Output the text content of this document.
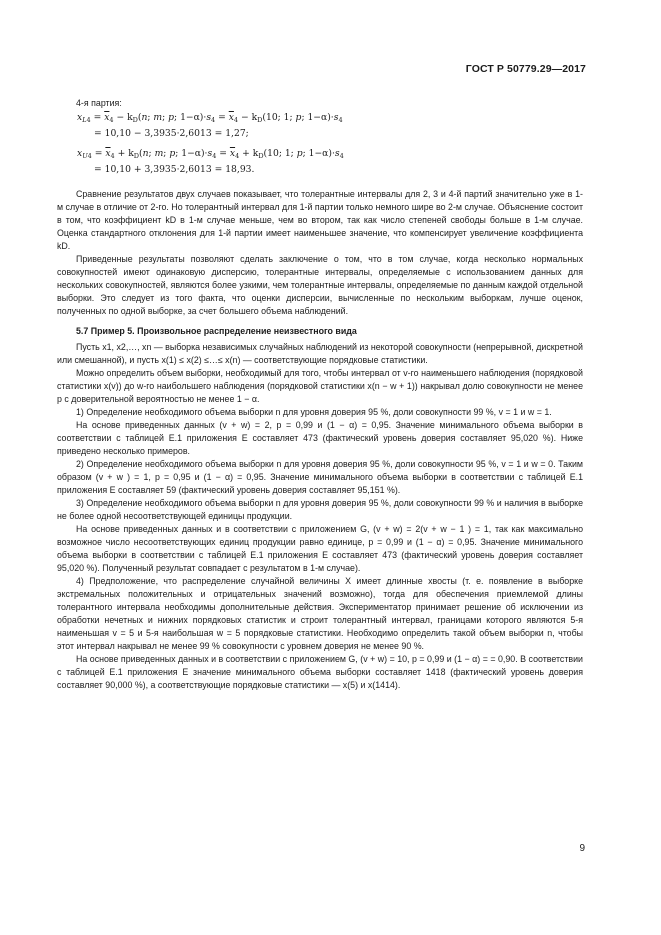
ГОСТ Р 50779.29—2017

4-я партия:

$x_{L4} = \overline{x}_4 - k_D(n$; m; p; $1-\alpha)\cdot s_4 = \overline{x}_4 - k_D(10$; 1; p; $1-\alpha)\cdot s_4$
= 10,10 − 3,3935·2,6013 = 1,27;
$x_{U4} = \overline{x}_4 + k_D(n$; m; p; $1-\alpha)\cdot s_4 = \overline{x}_4 + k_D(10$; 1; p; $1-\alpha)\cdot s_4$
= 10,10 + 3,3935·2,6013 = 18,93.

Сравнение результатов двух случаев показывает, что толерантные интервалы для 2, 3 и 4-й партий значительно уже в 1-м случае в отличие от 2-го. Но толерантный интервал для 1-й партии только немного шире во 2-м случае. Объяснение состоит в том, что коэффициент kD в 1-м случае меньше, чем во втором, так как число степеней свободы больше в 1-м случае. Оценка стандартного отклонения для 1-й партии имеет наименьшее значение, что компенсирует увеличение коэффициента kD.

Приведенные результаты позволяют сделать заключение о том, что в том случае, когда несколько нормальных совокупностей имеют одинаковую дисперсию, толерантные интервалы, определяемые с использованием данных для нескольких совокупностей, являются более узкими, чем толерантные интервалы, определяемые по данным каждой отдельной выборки. Это следует из того факта, что оценки дисперсии, вычисленные по нескольким выборкам, лучше оценок, полученных по одной выборке, за счет большего объема наблюдений.

5.7 Пример 5. Произвольное распределение неизвестного вида

Пусть x1, x2,…, xn — выборка независимых случайных наблюдений из некоторой совокупности (непрерывной, дискретной или смешанной), и пусть x(1) ≤ x(2) ≤…≤ x(n) — соответствующие порядковые статистики.

Можно определить объем выборки, необходимый для того, чтобы интервал от v-го наименьшего наблюдения (порядковой статистики x(v)) до w-го наибольшего наблюдения (порядковой статистики x(n − w + 1)) накрывал долю совокупности не менее p с доверительной вероятностью не менее 1 − α.

1) Определение необходимого объема выборки n для уровня доверия 95 %, доли совокупности 99 %, v = 1 и w = 1.

На основе приведенных данных (v + w) = 2, p = 0,99 и (1 − α) = 0,95. Значение минимального объема выборки в соответствии с таблицей Е.1 приложения Е составляет 473 (фактический уровень доверия составляет 95,020 %). Ниже приведено несколько примеров.

2) Определение необходимого объема выборки n для уровня доверия 95 %, доли совокупности 95 %, v = 1 и w = 0. Таким образом (v + w ) = 1, p = 0,95 и (1 − α) = 0,95. Значение минимального объема выборки в соответствии с таблицей Е.1 приложения Е составляет 59 (фактический уровень доверия составляет 95,151 %).

3) Определение необходимого объема выборки n для уровня доверия 95 %, доли совокупности 99 % и наличия в выборке не более одной несоответствующей единицы продукции.

На основе приведенных данных и в соответствии с приложением G, (v + w) = 2(v + w − 1 ) = 1, так как максимально возможное число несоответствующих единиц продукции равно единице, p = 0,99 и (1 − α) = 0,95. Значение минимального объема выборки в соответствии с таблицей Е.1 приложения Е составляет 473 (фактический уровень доверия составляет 95,020 %). Полученный результат совпадает с результатом в 1-м случае).

4) Предположение, что распределение случайной величины X имеет длинные хвосты (т. е. появление в выборке экстремальных положительных и отрицательных значений возможно), тогда для обеспечения приемлемой длины толерантного интервала необходимы дополнительные действия. Экспериментатор принимает решение об исключении из обработки нечетных и нижних порядковых статистик и строит толерантный интервал, границами которого являются 5-я наименьшая v = 5 и 5-я наибольшая w = 5 порядковые статистики. Необходимо определить такой объем выборки n, чтобы этот интервал накрывал не менее 99 % совокупности с уровнем доверия не менее 90 %.

На основе приведенных данных и в соответствии с приложением G, (v + w) = 10, p = 0,99 и (1 − α) = = 0,90. В соответствии с таблицей Е.1 приложения Е значение минимального объема выборки составляет 1418 (фактический уровень доверия составляет 90,000 %), а соответствующие порядковые статистики — x(5) и x(1414).

9
